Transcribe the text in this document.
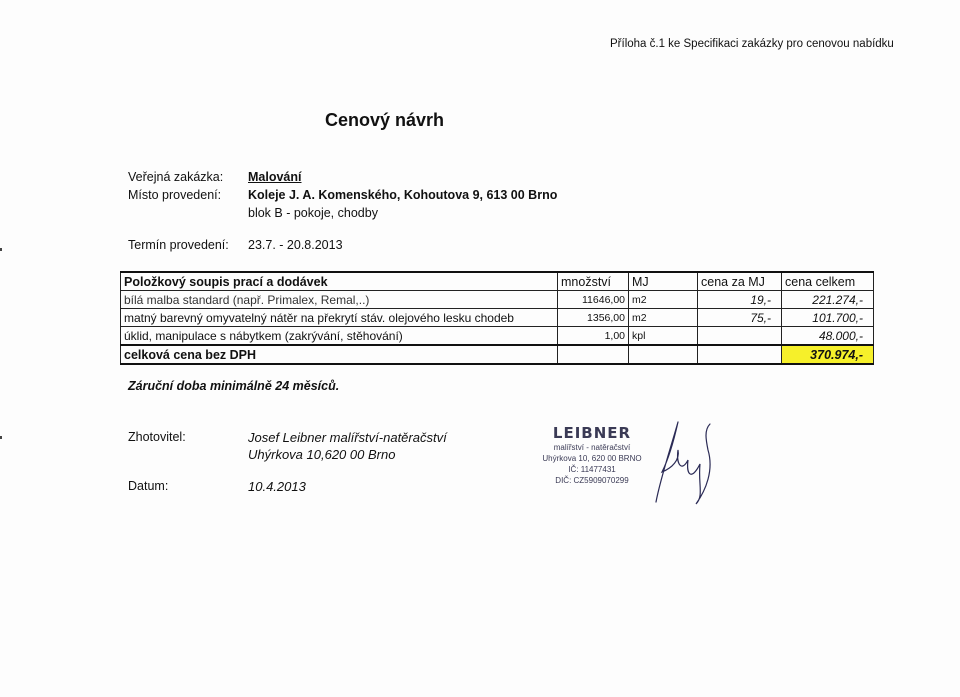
Příloha č.1 ke Specifikaci zakázky pro cenovou nabídku
Cenový návrh
Veřejná zakázka: Malování
Místo provedení: Koleje J. A. Komenského, Kohoutova 9, 613 00 Brno
blok B - pokoje, chodby
Termín provedení: 23.7. - 20.8.2013
Položkový soupis prací a dodávek	množství	MJ	cena za MJ	cena celkem
bílá malba standard (např. Primalex, Remal,..)	11646,00	m2	19,-	221.274,-
matný barevný omyvatelný nátěr na překrytí stáv. olejového lesku chodeb	1356,00	m2	75,-	101.700,-
úklid, manipulace s nábytkem (zakrývání, stěhování)	1,00	kpl		48.000,-
celková cena bez DPH				370.974,-
Záruční doba minimálně 24 měsíců.
Zhotovitel:	Josef Leibner malířství-natěračství
Uhýrkova 10,620 00 Brno
Datum:	10.4.2013
LEIBNER
malířství - natěračství
Uhýrkova 10, 620 00 BRNO
IČ: 11477431
DIČ: CZ5909070299
